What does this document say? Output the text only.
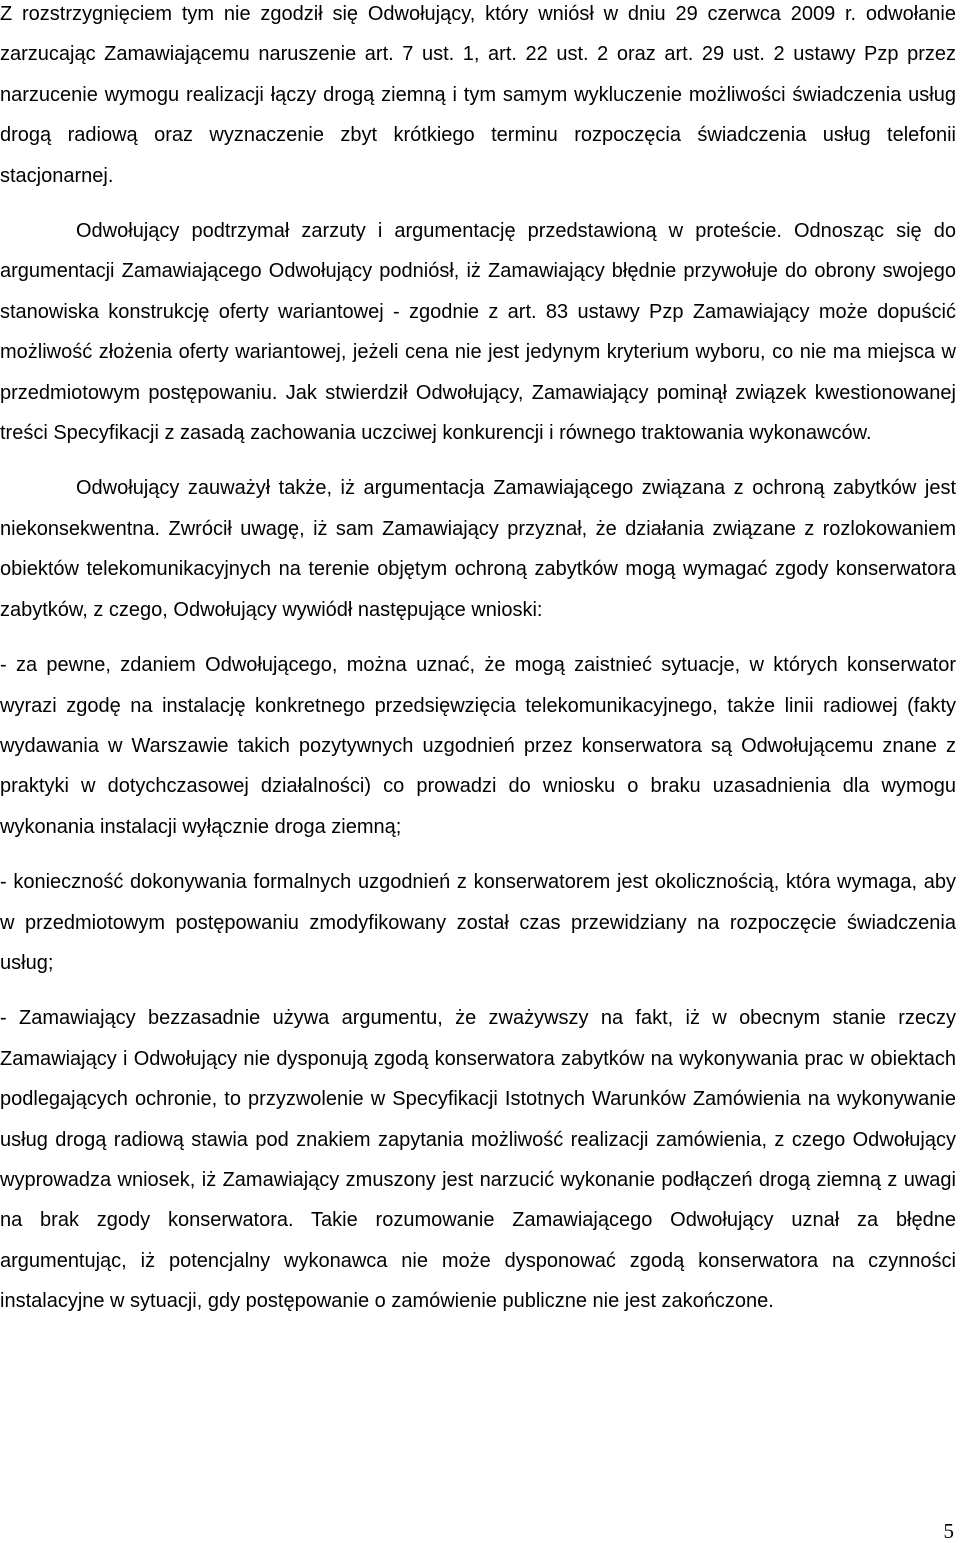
Z rozstrzygnięciem tym nie zgodził się Odwołujący, który wniósł w dniu 29 czerwca 2009 r. odwołanie zarzucając Zamawiającemu naruszenie art. 7 ust. 1, art. 22 ust. 2 oraz art. 29 ust. 2 ustawy Pzp przez narzucenie wymogu realizacji łączy drogą ziemną i tym samym wykluczenie możliwości świadczenia usług drogą radiową oraz wyznaczenie zbyt krótkiego terminu rozpoczęcia świadczenia usług telefonii stacjonarnej.

Odwołujący podtrzymał zarzuty i argumentację przedstawioną w proteście. Odnosząc się do argumentacji Zamawiającego Odwołujący podniósł, iż Zamawiający błędnie przywołuje do obrony swojego stanowiska konstrukcję oferty wariantowej - zgodnie z art. 83 ustawy Pzp Zamawiający może dopuścić możliwość złożenia oferty wariantowej, jeżeli cena nie jest jedynym kryterium wyboru, co nie ma miejsca w przedmiotowym postępowaniu. Jak stwierdził Odwołujący, Zamawiający pominął związek kwestionowanej treści Specyfikacji z zasadą zachowania uczciwej konkurencji i równego traktowania wykonawców.

Odwołujący zauważył także, iż argumentacja Zamawiającego związana z ochroną zabytków jest niekonsekwentna. Zwrócił uwagę, iż sam Zamawiający przyznał, że działania związane z rozlokowaniem obiektów telekomunikacyjnych na terenie objętym ochroną zabytków mogą wymagać zgody konserwatora zabytków, z czego, Odwołujący wywiódł następujące wnioski:

- za pewne, zdaniem Odwołującego, można uznać, że mogą zaistnieć sytuacje, w których konserwator wyrazi zgodę na instalację konkretnego przedsięwzięcia telekomunikacyjnego, także linii radiowej (fakty wydawania w Warszawie takich pozytywnych uzgodnień przez konserwatora są Odwołującemu znane z praktyki w dotychczasowej działalności) co prowadzi do wniosku o braku uzasadnienia dla wymogu wykonania instalacji wyłącznie droga ziemną;

- konieczność dokonywania formalnych uzgodnień z konserwatorem jest okolicznością, która wymaga, aby w przedmiotowym postępowaniu zmodyfikowany został czas przewidziany na rozpoczęcie świadczenia usług;

- Zamawiający bezzasadnie używa argumentu, że zważywszy na fakt, iż w obecnym stanie rzeczy Zamawiający i Odwołujący nie dysponują zgodą konserwatora zabytków na wykonywania prac w obiektach podlegających ochronie, to przyzwolenie w Specyfikacji Istotnych Warunków Zamówienia na wykonywanie usług drogą radiową stawia pod znakiem zapytania możliwość realizacji zamówienia, z czego Odwołujący wyprowadza wniosek, iż Zamawiający zmuszony jest narzucić wykonanie podłączeń drogą ziemną z uwagi na brak zgody konserwatora. Takie rozumowanie Zamawiającego Odwołujący uznał za błędne argumentując, iż potencjalny wykonawca nie może dysponować zgodą konserwatora na czynności instalacyjne w sytuacji, gdy postępowanie o zamówienie publiczne nie jest zakończone.

5
